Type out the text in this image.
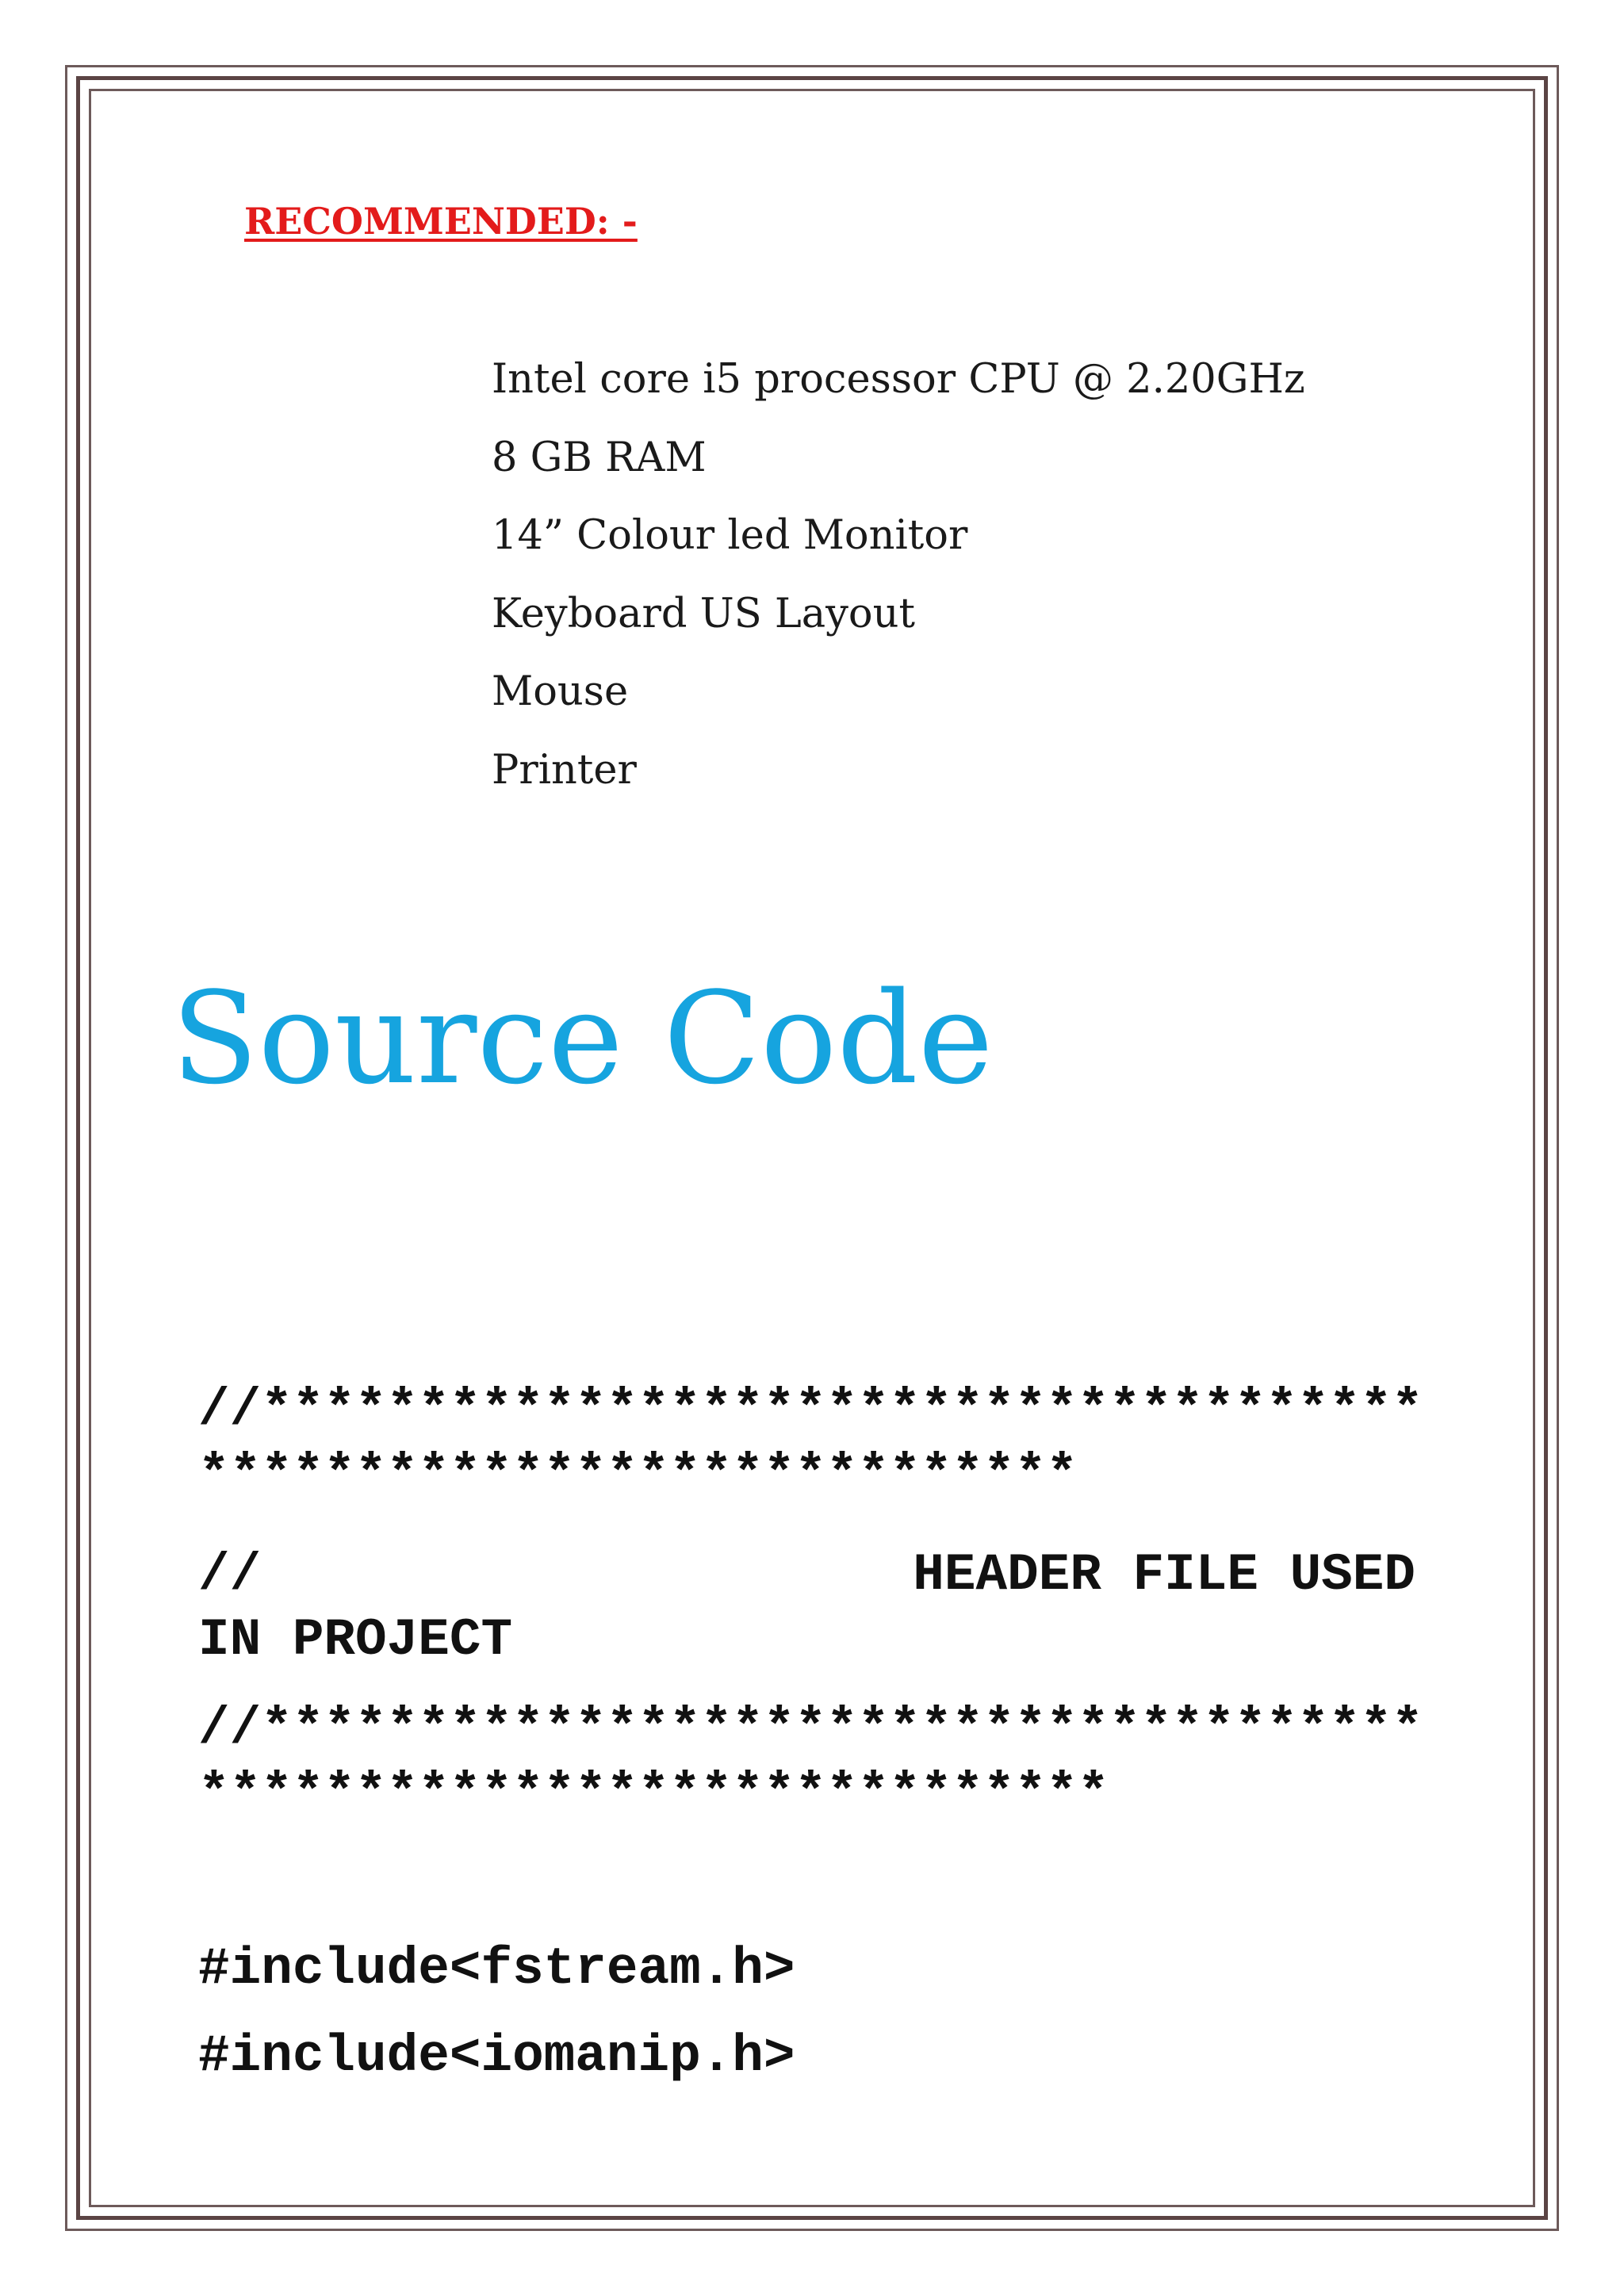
RECOMMENDED: -

Intel core i5 processor CPU @ 2.20GHz
8 GB RAM
14” Colour led Monitor
Keyboard US Layout
Mouse
Printer
Source Code
//*************************************
****************************
//	HEADER FILE USED
IN PROJECT
//*************************************
*****************************
#include<fstream.h>
#include<iomanip.h>
